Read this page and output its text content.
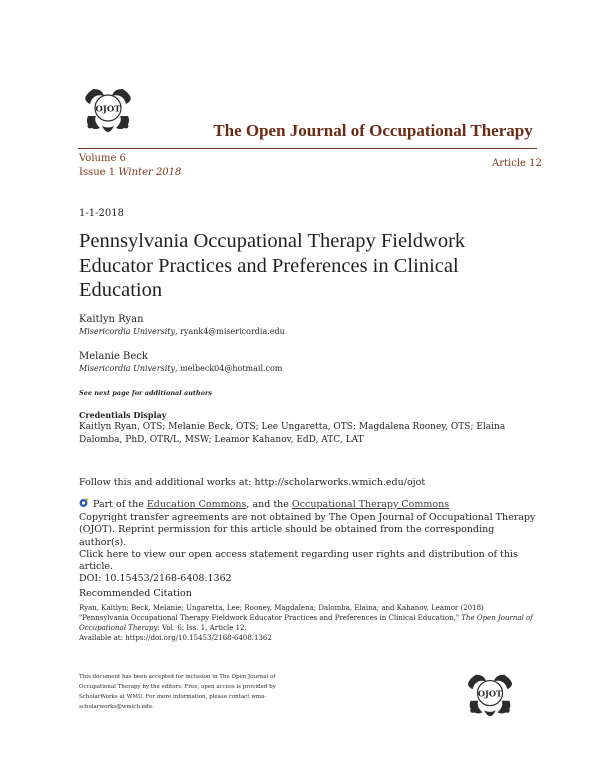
OJOT
The Open Journal of Occupational Therapy
Volume 6
Issue 1 Winter 2018
Article 12
1-1-2018
Pennsylvania Occupational Therapy Fieldwork Educator Practices and Preferences in Clinical Education
Kaitlyn Ryan
Misericordia University, ryank4@misericordia.edu
Melanie Beck
Misericordia University, melbeck04@hotmail.com
See next page for additional authors
Credentials Display
Kaitlyn Ryan, OTS; Melanie Beck, OTS; Lee Ungaretta, OTS; Magdalena Rooney, OTS; Elaina Dalomba, PhD, OTR/L, MSW; Leamor Kahanov, EdD, ATC, LAT
Follow this and additional works at: http://scholarworks.wmich.edu/ojot
Part of the Education Commons, and the Occupational Therapy Commons
Copyright transfer agreements are not obtained by The Open Journal of Occupational Therapy (OJOT). Reprint permission for this article should be obtained from the corresponding author(s).
Click here to view our open access statement regarding user rights and distribution of this article.
DOI: 10.15453/2168-6408.1362
Recommended Citation
Ryan, Kaitlyn; Beck, Melanie; Ungaretta, Lee; Rooney, Magdalena; Dalomba, Elaina; and Kahanov, Leamor (2018) "Pennsylvania Occupational Therapy Fieldwork Educator Practices and Preferences in Clinical Education," The Open Journal of Occupational Therapy: Vol. 6: Iss. 1, Article 12.
Available at: https://doi.org/10.15453/2168-6408.1362
This document has been accepted for inclusion in The Open Journal of Occupational Therapy by the editors. Free, open access is provided by ScholarWorks at WMU. For more information, please contact wmu-scholarworks@wmich.edu.
OJOT
